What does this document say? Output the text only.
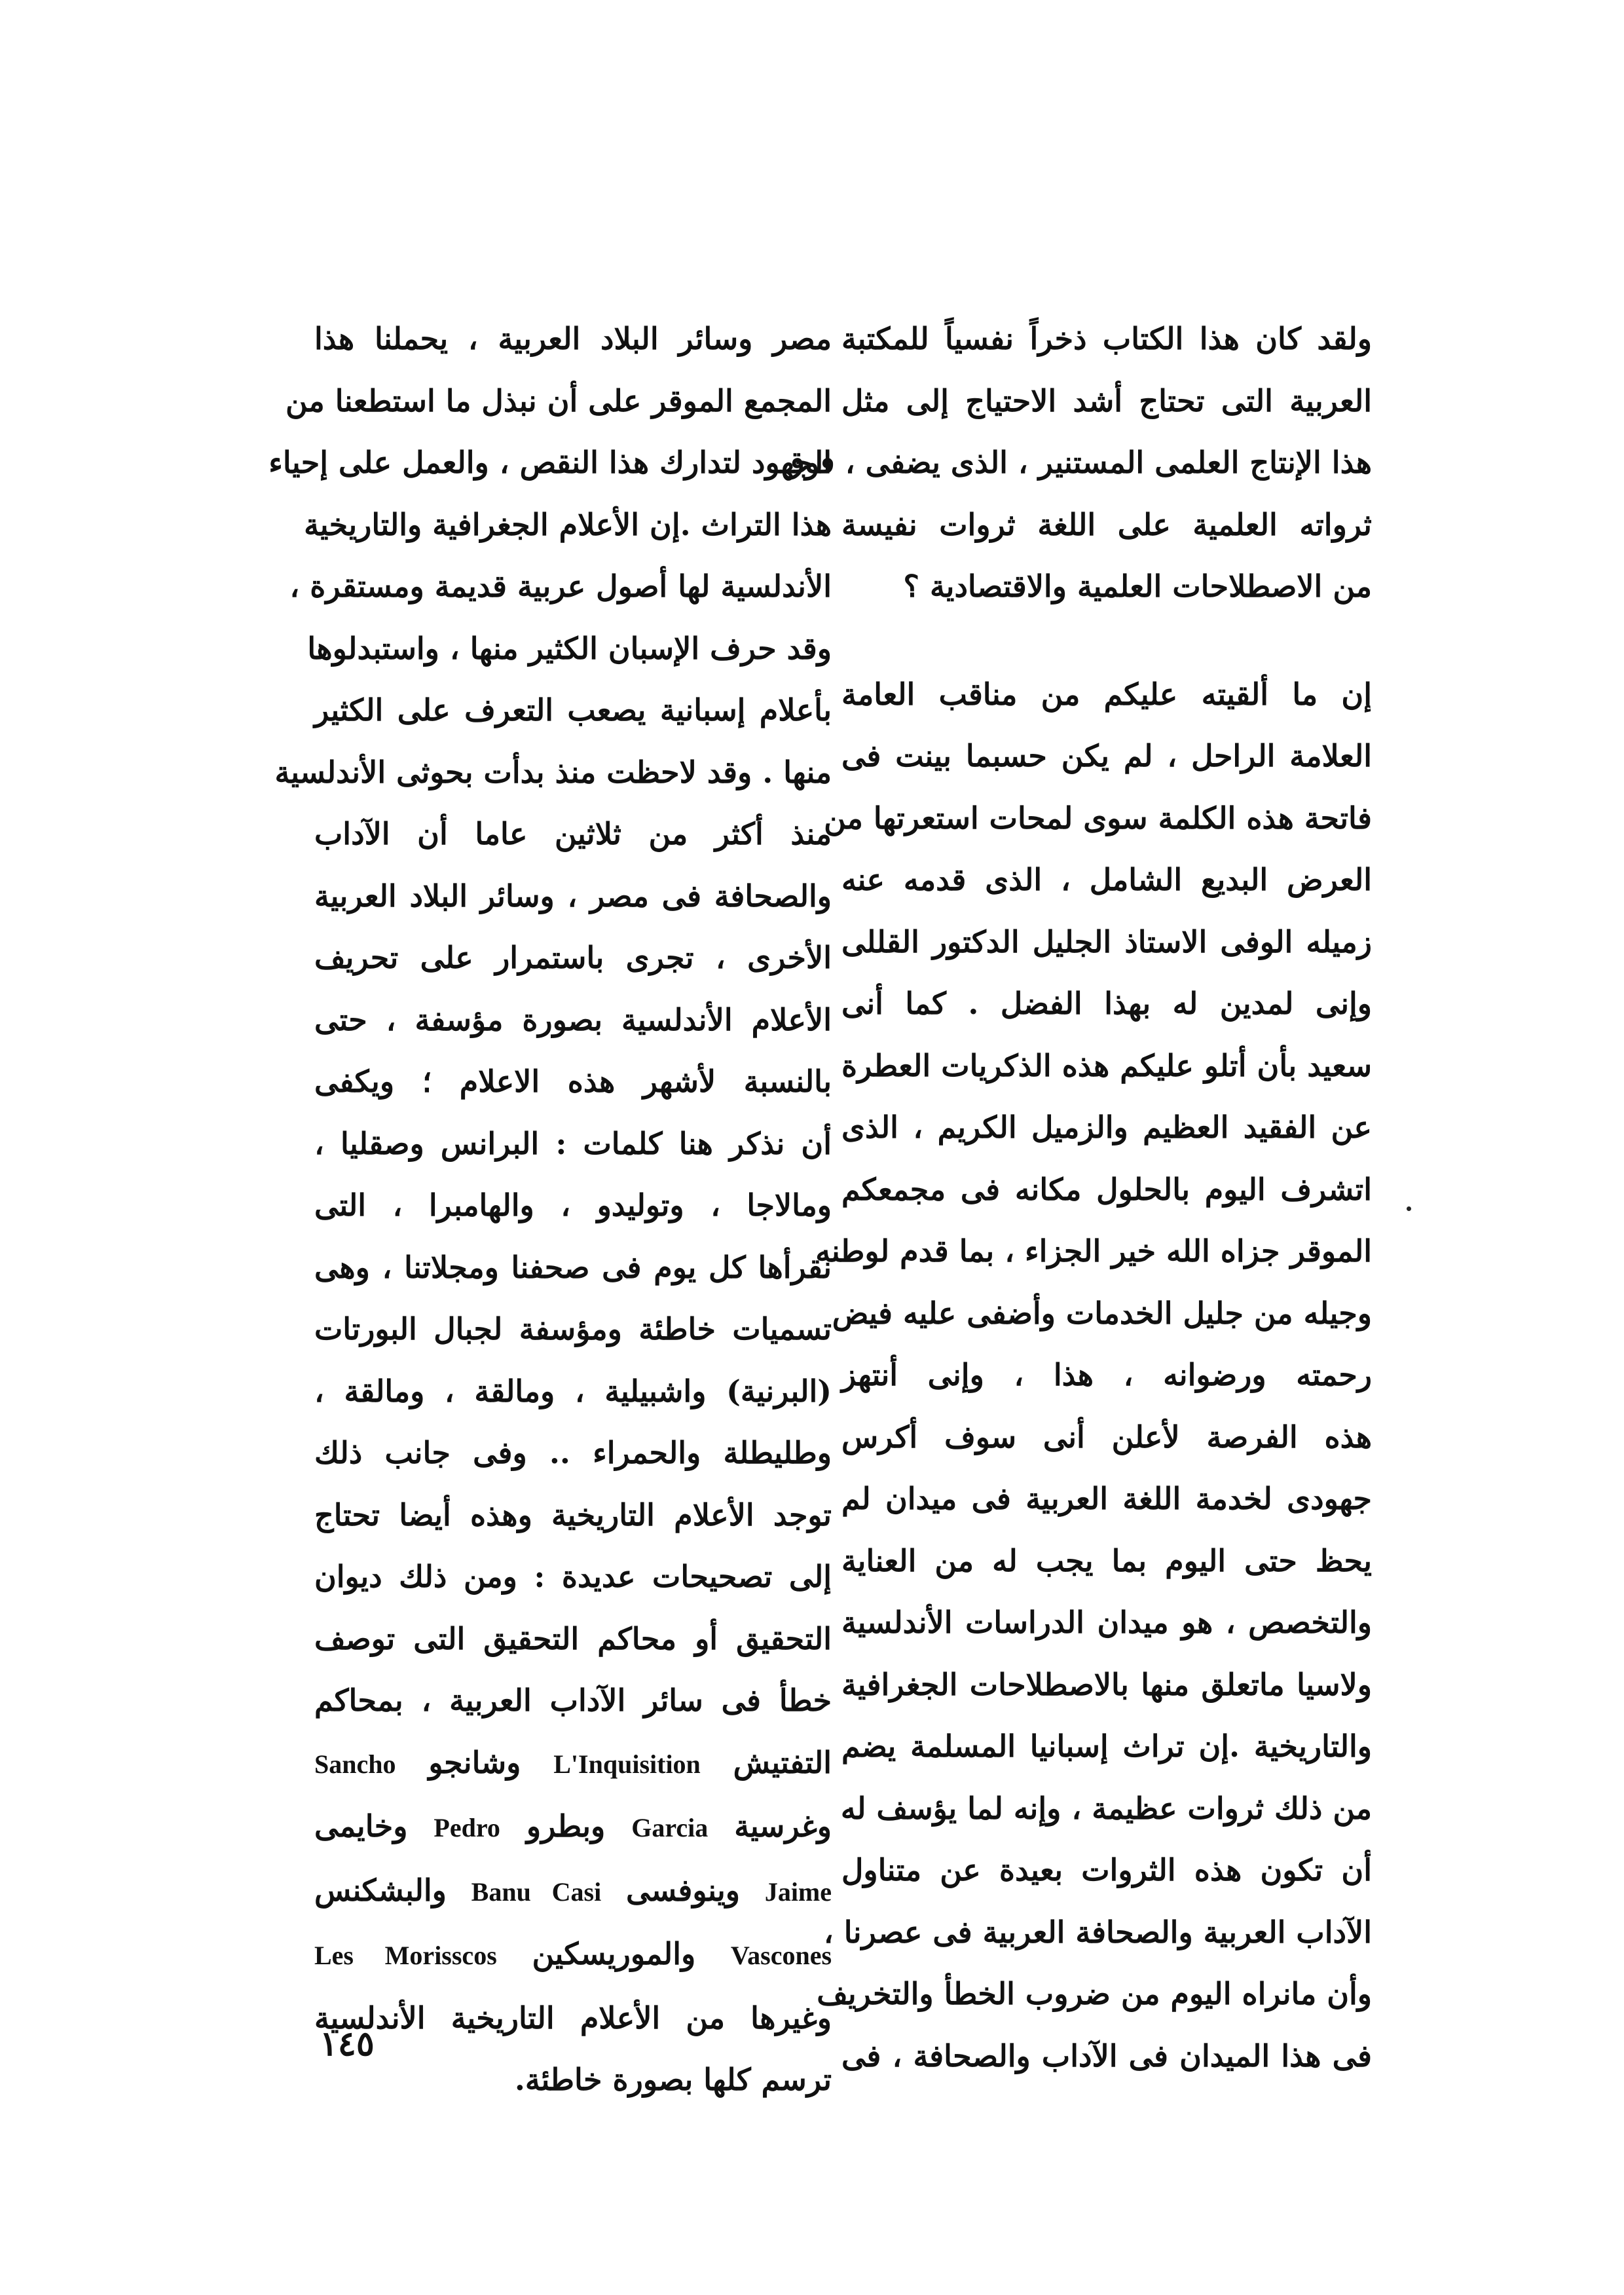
ولقد كان هذا الكتاب ذخراً نفسياً للمكتبة
العربية التى تحتاج أشد الاحتياج إلى مثل
هذا الإنتاج العلمى المستنير ، الذى يضفى ، فوق
ثرواته العلمية على اللغة ثروات نفيسة
من الاصطلاحات العلمية والاقتصادية ؟
إن ما ألقيته عليكم من مناقب العامة
العلامة الراحل ، لم يكن حسبما بينت فى
فاتحة هذه الكلمة سوى لمحات استعرتها من
العرض البديع الشامل ، الذى قدمه عنه
زميله الوفى الاستاذ الجليل الدكتور القللى
وإنى لمدين له بهذا الفضل . كما أنى
سعيد بأن أتلو عليكم هذه الذكريات العطرة
عن الفقيد العظيم والزميل الكريم ، الذى
اتشرف اليوم بالحلول مكانه فى مجمعكم
الموقر جزاه الله خير الجزاء ، بما قدم لوطنه
وجيله من جليل الخدمات وأضفى عليه فيض
رحمته ورضوانه ، هذا ، وإنى أنتهز
هذه الفرصة لأعلن أنى سوف أكرس
جهودى لخدمة اللغة العربية فى ميدان لم
يحظ حتى اليوم بما يجب له من العناية
والتخصص ، هو ميدان الدراسات الأندلسية
ولاسيا ماتعلق منها بالاصطلاحات الجغرافية
والتاريخية .إن تراث إسبانيا المسلمة يضم
من ذلك ثروات عظيمة ، وإنه لما يؤسف له
أن تكون هذه الثروات بعيدة عن متناول
الآداب العربية والصحافة العربية فى عصرنا ،
وأن مانراه اليوم من ضروب الخطأ والتخريف
فى هذا الميدان فى الآداب والصحافة ، فى
مصر وسائر البلاد العربية ، يحملنا هذا
المجمع الموقر على أن نبذل ما استطعنا من
الجهود لتدارك هذا النقص ، والعمل على إحياء
هذا التراث .إن الأعلام الجغرافية والتاريخية
الأندلسية لها أصول عربية قديمة ومستقرة ،
وقد حرف الإسبان الكثير منها ، واستبدلوها
بأعلام إسبانية يصعب التعرف على الكثير
منها . وقد لاحظت منذ بدأت بحوثى الأندلسية
منذ أكثر من ثلاثين عاما أن الآداب
والصحافة فى مصر ، وسائر البلاد العربية
الأخرى ، تجرى باستمرار على تحريف
الأعلام الأندلسية بصورة مؤسفة ، حتى
بالنسبة لأشهر هذه الاعلام ؛ ويكفى
أن نذكر هنا كلمات : البرانس وصقليا ،
ومالاجا ، وتوليدو ، والهامبرا ، التى
نقرأها كل يوم فى صحفنا ومجلاتنا ، وهى
تسميات خاطئة ومؤسفة لجبال البورتات
(البرنية) واشبيلية ، ومالقة ، ومالقة ،
وطليطلة والحمراء .. وفى جانب ذلك
توجد الأعلام التاريخية وهذه أيضا تحتاج
إلى تصحيحات عديدة : ومن ذلك ديوان
التحقيق أو محاكم التحقيق التى توصف
خطأ فى سائر الآداب العربية ، بمحاكم
التفتيش L'Inquisition وشانجو Sancho
وغرسية Garcia وبطرو Pedro وخايمى
Jaime وينوفسى Banu Casi والبشكنس
Vascones والموريسكين Les Morisscos
وغيرها من الأعلام التاريخية الأندلسية
ترسم كلها بصورة خاطئة.
١٤٥
